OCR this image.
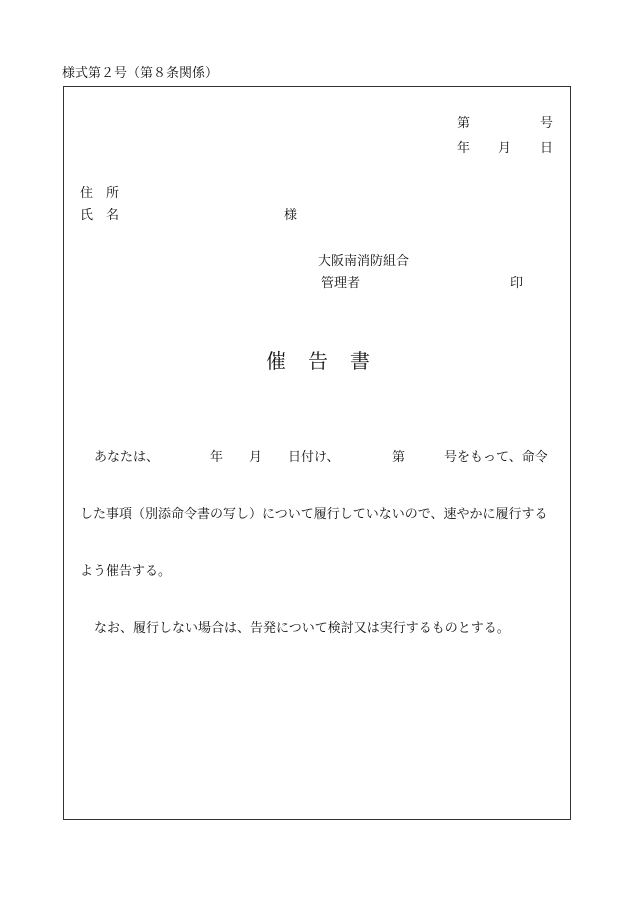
様式第２号（第８条関係）
第	号
年 月 日
住　所
氏　名	様
大阪南消防組合
管理者	印
催 告 書
あなたは、	年 月 日付け、	第	号をもって、命令
した事項（別添命令書の写し）について履行していないので、速やかに履行する
よう催告する。
なお、履行しない場合は、告発について検討又は実行するものとする。
